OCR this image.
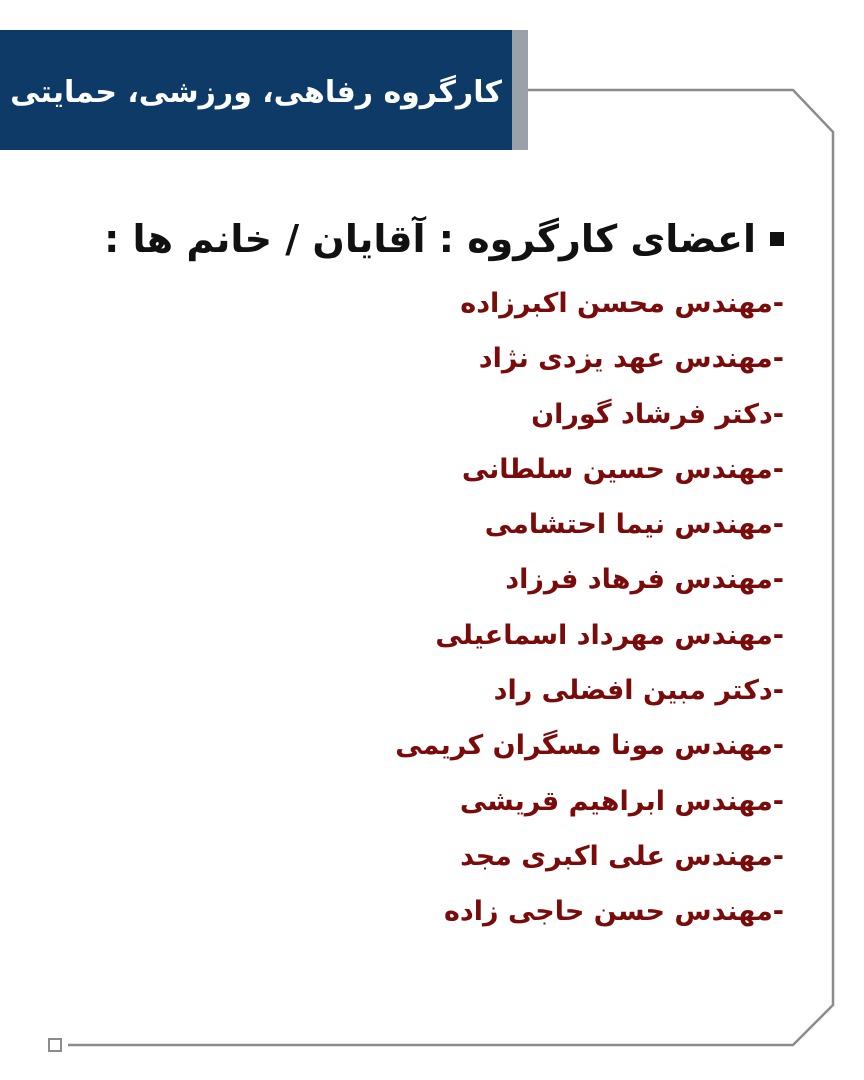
کارگروه رفاهی، ورزشی، حمایتی
اعضای کارگروه : آقایان / خانم ها :
-مهندس محسن اکبرزاده
-مهندس عهد یزدی نژاد
-دکتر فرشاد گوران
-مهندس حسین سلطانی
-مهندس نیما احتشامی
-مهندس فرهاد فرزاد
-مهندس مهرداد اسماعیلی
-دکتر مبین افضلی راد
-مهندس مونا مسگران کریمی
-مهندس ابراهیم قریشی
-مهندس علی اکبری مجد
-مهندس حسن حاجی زاده
